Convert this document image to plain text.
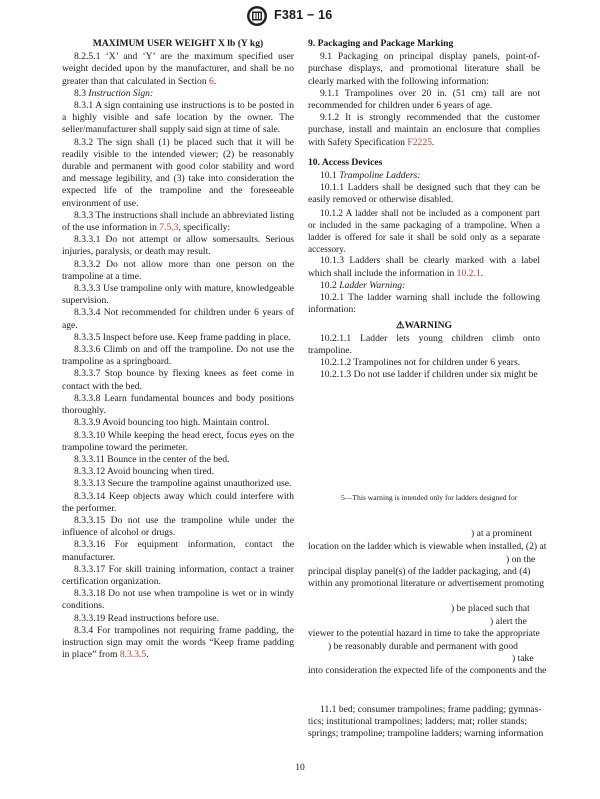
F381 − 16

MAXIMUM USER WEIGHT X lb (Y kg)

8.2.5.1 ‘X’ and ‘Y’ are the maximum specified user weight decided upon by the manufacturer, and shall be no greater than that calculated in Section 6.

8.3 Instruction Sign:

8.3.1 A sign containing use instructions is to be posted in a highly visible and safe location by the owner. The seller/manufacturer shall supply said sign at time of sale.

8.3.2 The sign shall (1) be placed such that it will be readily visible to the intended viewer; (2) be reasonably durable and permanent with good color stability and word and message legibility, and (3) take into consideration the expected life of the trampoline and the foreseeable environment of use.

8.3.3 The instructions shall include an abbreviated listing of the use information in 7.5.3, specifically:

8.3.3.1 Do not attempt or allow somersaults. Serious injuries, paralysis, or death may result.

8.3.3.2 Do not allow more than one person on the trampoline at a time.

8.3.3.3 Use trampoline only with mature, knowledgeable supervision.

8.3.3.4 Not recommended for children under 6 years of age.

8.3.3.5 Inspect before use. Keep frame padding in place.

8.3.3.6 Climb on and off the trampoline. Do not use the trampoline as a springboard.

8.3.3.7 Stop bounce by flexing knees as feet come in contact with the bed.

8.3.3.8 Learn fundamental bounces and body positions thoroughly.

8.3.3.9 Avoid bouncing too high. Maintain control.

8.3.3.10 While keeping the head erect, focus eyes on the trampoline toward the perimeter.

8.3.3.11 Bounce in the center of the bed.

8.3.3.12 Avoid bouncing when tired.

8.3.3.13 Secure the trampoline against unauthorized use.

8.3.3.14 Keep objects away which could interfere with the performer.

8.3.3.15 Do not use the trampoline while under the influence of alcohol or drugs.

8.3.3.16 For equipment information, contact the manufacturer.

8.3.3.17 For skill training information, contact a trainer certification organization.

8.3.3.18 Do not use when trampoline is wet or in windy conditions.

8.3.3.19 Read instructions before use.

8.3.4 For trampolines not requiring frame padding, the instruction sign may omit the words “Keep frame padding in place” from 8.3.3.5.

9. Packaging and Package Marking

9.1 Packaging on principal display panels, point-of-purchase displays, and promotional literature shall be clearly marked with the following information:

9.1.1 Trampolines over 20 in. (51 cm) tall are not recommended for children under 6 years of age.

9.1.2 It is strongly recommended that the customer purchase, install and maintain an enclosure that complies with Safety Specification F2225.

10. Access Devices

10.1 Trampoline Ladders:

10.1.1 Ladders shall be designed such that they can be easily removed or otherwise disabled.

10.1.2 A ladder shall not be included as a component part or included in the same packaging of a trampoline. When a ladder is offered for sale it shall be sold only as a separate accessory.

10.1.3 Ladders shall be clearly marked with a label which shall include the information in 10.2.1.

10.2 Ladder Warning:

10.2.1 The ladder warning shall include the following information:

⚠WARNING

10.2.1.1 Ladder lets young children climb onto trampoline.

10.2.1.2 Trampolines not for children under 6 years.

10.2.1.3 Do not use ladder if children under six might be

5—This warning is intended only for ladders designed for
) at a prominent
location on the ladder which is viewable when installed, (2) at
) on the
principal display panel(s) of the ladder packaging, and (4)
within any promotional literature or advertisement promoting
) be placed such that
) alert the
viewer to the potential hazard in time to take the appropriate
) be reasonably durable and permanent with good
) take
into consideration the expected life of the components and the
11.1 bed; consumer trampolines; frame padding; gymnas-
tics; institutional trampolines; ladders; mat; roller stands;
springs; trampoline; trampoline ladders; warning information
10
